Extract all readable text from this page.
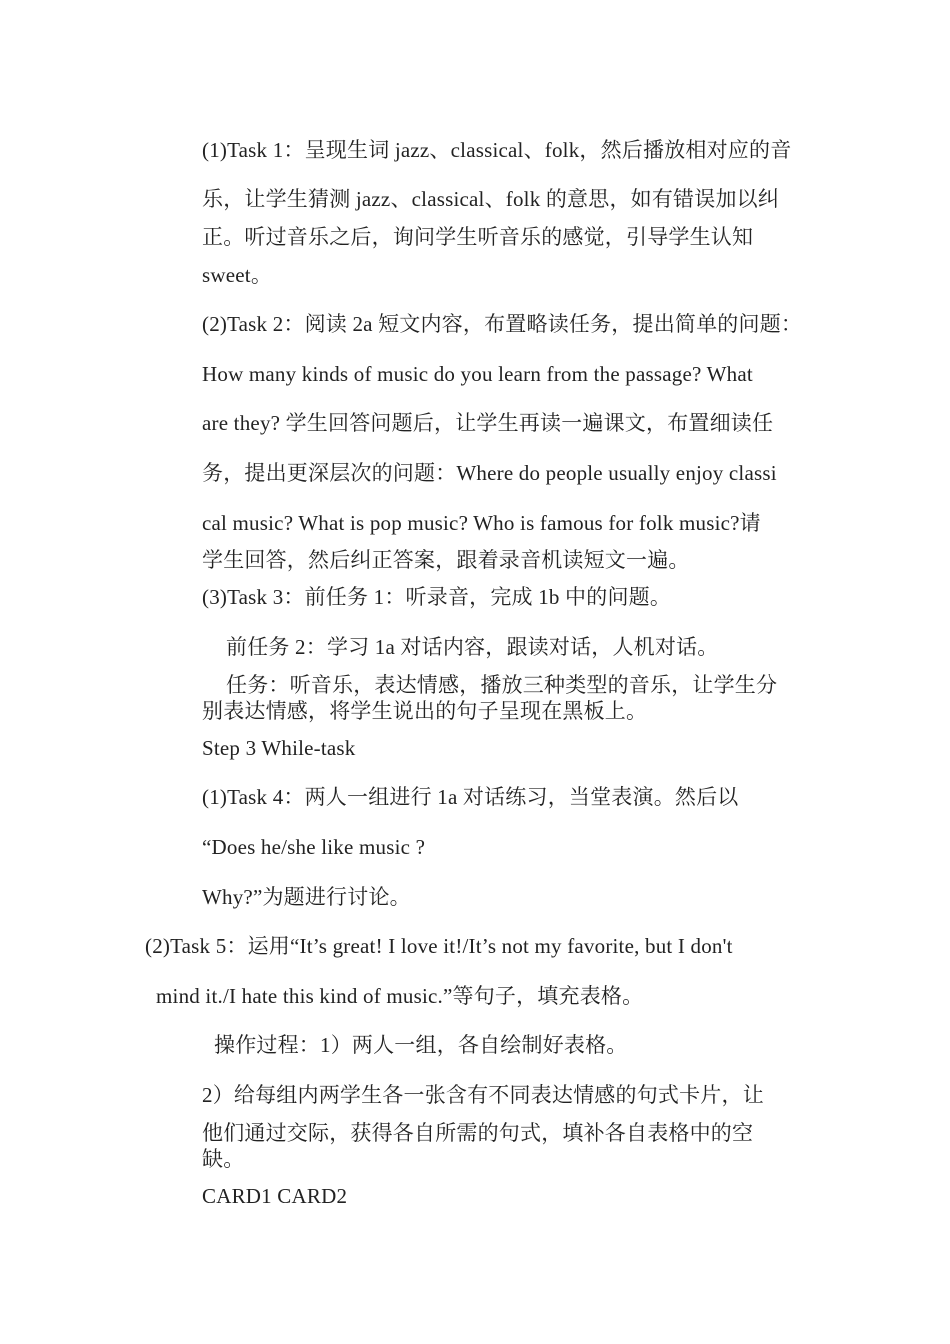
(1)Task 1：呈现生词 jazz、classical、folk，然后播放相对应的音
乐，让学生猜测 jazz、classical、folk 的意思，如有错误加以纠
正。听过音乐之后，询问学生听音乐的感觉，引导学生认知
sweet。
(2)Task 2：阅读 2a 短文内容，布置略读任务，提出简单的问题：
How many kinds of music do you learn from the passage? What
are they? 学生回答问题后，让学生再读一遍课文，布置细读任
务，提出更深层次的问题：Where do people usually enjoy classi
cal music? What is pop music? Who is famous for folk music?请
学生回答，然后纠正答案，跟着录音机读短文一遍。
(3)Task 3：前任务 1：听录音，完成 1b 中的问题。
前任务 2：学习 1a 对话内容，跟读对话，人机对话。
任务：听音乐，表达情感，播放三种类型的音乐，让学生分
别表达情感，将学生说出的句子呈现在黑板上。
Step 3 While-task
(1)Task 4：两人一组进行 1a 对话练习，当堂表演。然后以
“Does he/she like music ?
Why?”为题进行讨论。
(2)Task 5：运用“It’s great! I love it!/It’s not my favorite, but I don't
mind it./I hate this kind of music.”等句子，填充表格。
操作过程：1）两人一组，各自绘制好表格。
2）给每组内两学生各一张含有不同表达情感的句式卡片，让
他们通过交际，获得各自所需的句式，填补各自表格中的空
缺。
CARD1 CARD2
